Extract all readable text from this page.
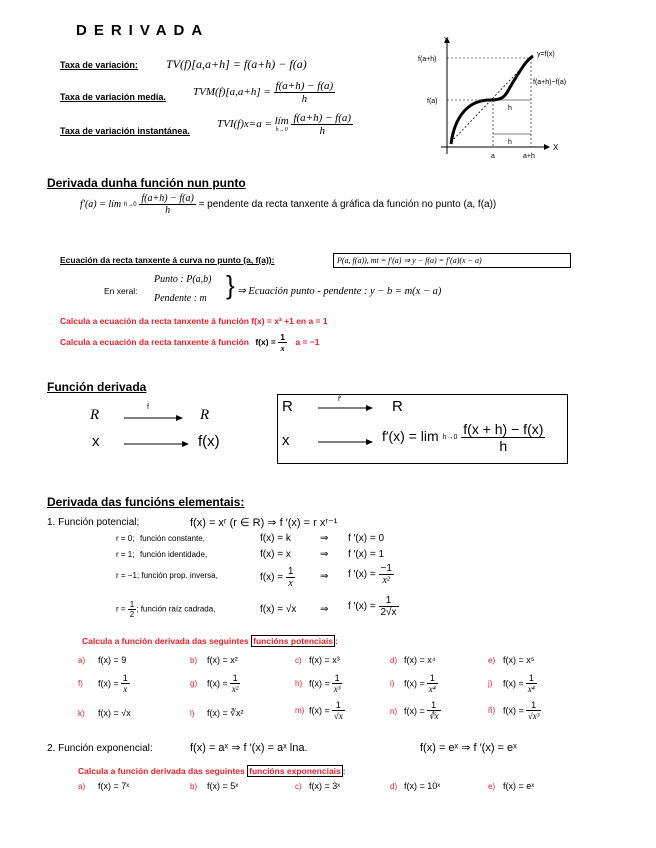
DERIVADA
Taxa de variación: TV(f)[a,a+h] = f(a+h) − f(a)
Taxa de variación media. $TVM(f)[a,a+h] = \frac{f(a+h) - f(a)}{h}$
Taxa de variación instantánea.
TVI(f)x=a = lím
h→0
$\frac{f(a+h) - f(a)}{h}$
Y
X
f(a+h)
f(a)
y=f(x)
f(a+h)−f(a)
h
h
a	a+h
Derivada dunha función nun punto
f′(a) = lím h→0
$\frac{f(a+h) - f(a)}{h}$ = pendente da recta tanxente á gráfica da función no punto (a, f(a))
Ecuación da recta tanxente á curva no punto (a, f(a)):	P(a, f(a)), mt = f′(a) ⇒ y − f(a) = f′(a)(x − a)
En xeral:
Punto : P(a,b)
Pendente : m } ⇒ Ecuación punto - pendente : y − b = m(x − a)
Calcula a ecuación da recta tanxente á función f(x) = x² +1 en a = 1
Calcula a ecuación da recta tanxente á función $f(x) = \frac{1}{x}$ a = −1
Función derivada
R	f	R
x	f(x)
R	f′	R
x	f′(x) = lim h→0
$\frac{f(x + h) - f(x)}{h}$
Derivada das funcións elementais:
1. Función potencial;	f(x) = xʳ (r ∈ R) ⇒ f ′(x) = r xʳ⁻¹
r = 0; función constante,	f(x) = k	⇒ f ′(x) = 0
r = 1; función identidade,	f(x) = x	⇒ f ′(x) = 1
r = −1; función prop. inversa,	$f(x) = \frac{1}{x}$ ⇒ f $'(x) = \frac{-1}{\text{x²}}$
$r = \frac{1}{2}$ ; función raíz cadrada,	f(x) = √x ⇒ f $'(x) = \frac{1}{2√x}$
Calcula a función derivada das seguintes funcións potenciais :
a) f(x) = 9	b) f(x) = x²	c) f(x) = x³	d) f(x) = x⁴	e) f(x) = x⁵
f) $f(x) = \frac{1}{x}$	g) $f(x) = \frac{1}{\text{x²}}$	h) $f(x) = \frac{1}{\text{x³}}$	i) $f(x) = \frac{1}{\text{x⁴}}$	j) $f(x) = \frac{1}{\text{x⁴}}$
k) f(x) = √x	l) f(x) = ∛x²	m) $f(x) = \frac{1}{√x}$	n) $f(x) = \frac{1}{∛x}$	ñ) $f(x) = \frac{1}{\text{√x³}}$
2. Función exponencial:	f(x) = aˣ ⇒ f ′(x) = aˣ lna.	f(x) = eˣ ⇒ f ′(x) = eˣ
Calcula a función derivada das seguintes funcións exponenciais :
a) f(x) = 7ˣ	b) f(x) = 5ˣ	c) f(x) = 3ˣ	d) f(x) = 10ˣ	e) f(x) = eˣ
